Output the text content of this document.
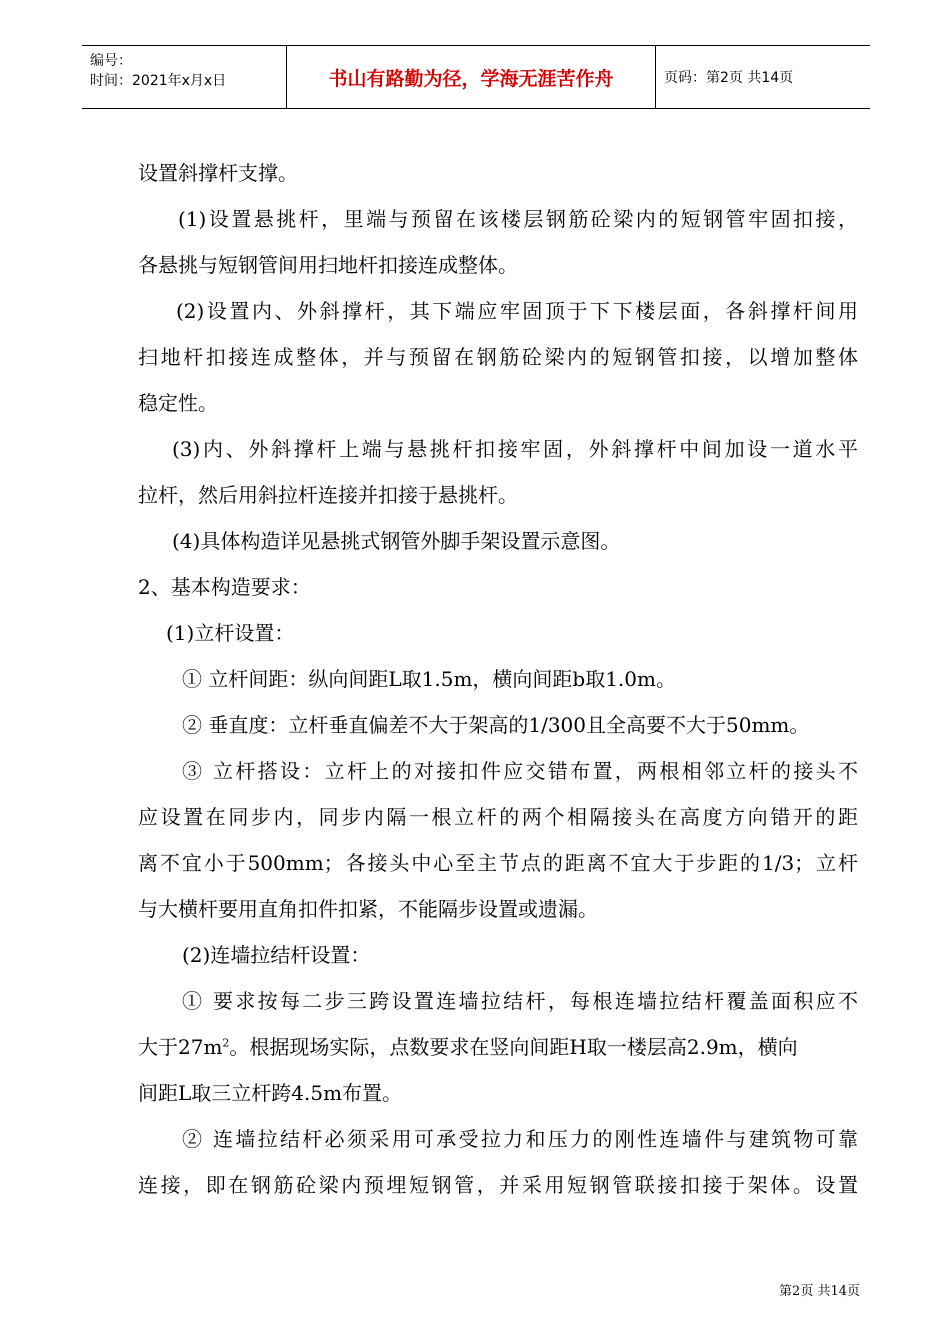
编号：
时间：2021年x月x日	书山有路勤为径，学海无涯苦作舟	页码：第2页 共14页

设置斜撑杆支撑。

(1)设置悬挑杆，里端与预留在该楼层钢筋砼梁内的短钢管牢固扣接，

各悬挑与短钢管间用扫地杆扣接连成整体。

(2)设置内、外斜撑杆，其下端应牢固顶于下下楼层面，各斜撑杆间用

扫地杆扣接连成整体，并与预留在钢筋砼梁内的短钢管扣接，以增加整体

稳定性。

(3)内、外斜撑杆上端与悬挑杆扣接牢固，外斜撑杆中间加设一道水平

拉杆，然后用斜拉杆连接并扣接于悬挑杆。

(4)具体构造详见悬挑式钢管外脚手架设置示意图。

2、基本构造要求：

(1)立杆设置：

① 立杆间距：纵向间距L取1.5m，横向间距b取1.0m。

② 垂直度：立杆垂直偏差不大于架高的1/300且全高要不大于50mm。

③ 立杆搭设：立杆上的对接扣件应交错布置，两根相邻立杆的接头不

应设置在同步内，同步内隔一根立杆的两个相隔接头在高度方向错开的距

离不宜小于500mm；各接头中心至主节点的距离不宜大于步距的1/3；立杆

与大横杆要用直角扣件扣紧，不能隔步设置或遗漏。

(2)连墙拉结杆设置：

① 要求按每二步三跨设置连墙拉结杆，每根连墙拉结杆覆盖面积应不

大于$27m^2$。根据现场实际，点数要求在竖向间距H取一楼层高2.9m，横向

间距L取三立杆跨4.5m布置。

② 连墙拉结杆必须采用可承受拉力和压力的刚性连墙件与建筑物可靠

连接，即在钢筋砼梁内预埋短钢管，并采用短钢管联接扣接于架体。设置

第2页 共14页
